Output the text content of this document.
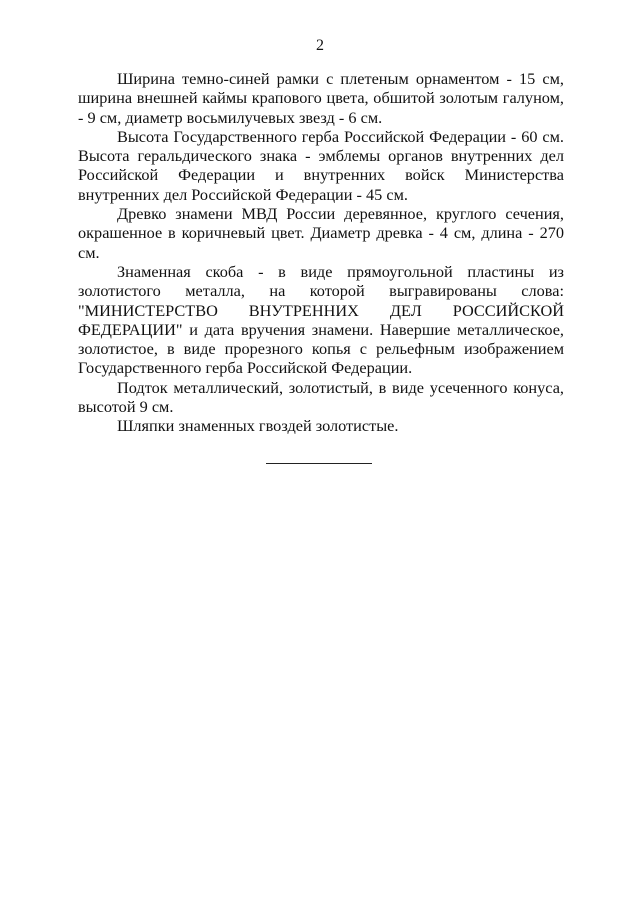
2

Ширина темно-синей рамки с плетеным орнаментом - 15 см, ширина внешней каймы крапового цвета, обшитой золотым галуном, - 9 см, диаметр восьмилучевых звезд - 6 см.

Высота Государственного герба Российской Федерации - 60 см. Высота геральдического знака - эмблемы органов внутренних дел Российской Федерации и внутренних войск Министерства внутренних дел Российской Федерации - 45 см.

Древко знамени МВД России деревянное, круглого сечения, окрашенное в коричневый цвет. Диаметр древка - 4 см, длина - 270 см.

Знаменная скоба - в виде прямоугольной пластины из золотистого металла, на которой выгравированы слова: "МИНИСТЕРСТВО ВНУТРЕННИХ ДЕЛ РОССИЙСКОЙ ФЕДЕРАЦИИ" и дата вручения знамени. Навершие металлическое, золотистое, в виде прорезного копья с рельефным изображением Государственного герба Российской Федерации.

Подток металлический, золотистый, в виде усеченного конуса, высотой 9 см.

Шляпки знаменных гвоздей золотистые.
